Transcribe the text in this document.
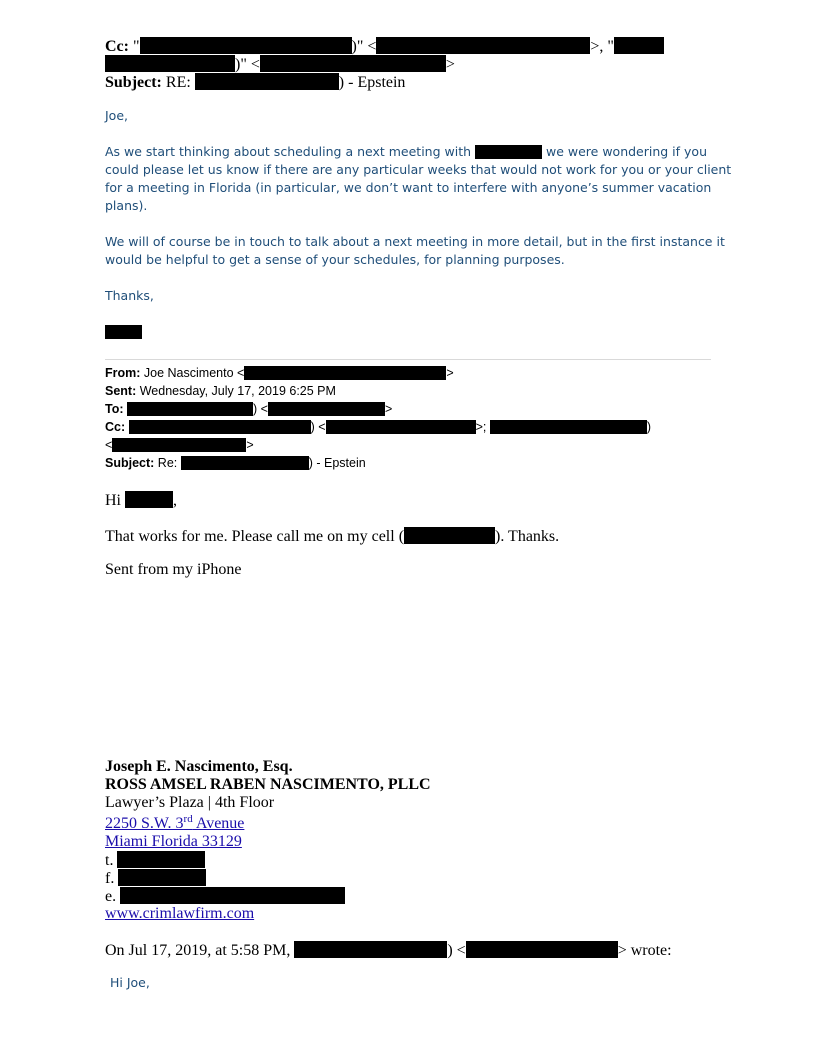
Cc: "	)" <	>, "
)" <	>
Subject: RE:	) - Epstein
Joe,
As we start thinking about scheduling a next meeting with	we were wondering if you
could please let us know if there are any particular weeks that would not work for you or your client
for a meeting in Florida (in particular, we don’t want to interfere with anyone’s summer vacation
plans).
We will of course be in touch to talk about a next meeting in more detail, but in the first instance it
would be helpful to get a sense of your schedules, for planning purposes.
Thanks,
From: Joe Nascimento <	>
Sent: Wednesday, July 17, 2019 6:25 PM
To:	) <	>
Cc:	) <	>;	)
<	>
Subject: Re:	) - Epstein
Hi	,
That works for me. Please call me on my cell (	). Thanks.
Sent from my iPhone
Joseph E. Nascimento, Esq.
ROSS AMSEL RABEN NASCIMENTO, PLLC
Lawyer’s Plaza | 4th Floor
2250 S.W. 3rd Avenue
Miami Florida 33129
t.
f.
e.
www.crimlawfirm.com
On Jul 17, 2019, at 5:58 PM,	) <	> wrote:
Hi Joe,
